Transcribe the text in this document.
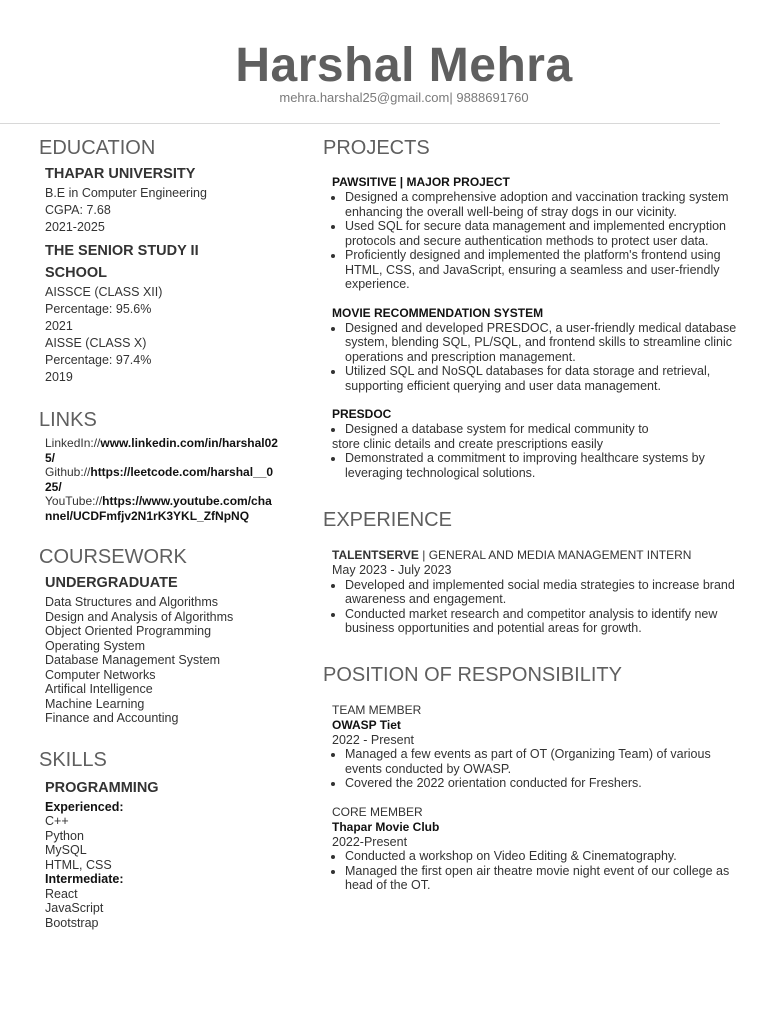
Harshal Mehra
mehra.harshal25@gmail.com| 9888691760
EDUCATION
THAPAR UNIVERSITY
B.E in Computer Engineering
CGPA: 7.68
2021-2025
THE SENIOR STUDY II
SCHOOL
AISSCE (CLASS XII)
Percentage: 95.6%
2021
AISSE (CLASS X)
Percentage: 97.4%
2019
LINKS
LinkedIn://www.linkedin.com/in/harshal025/
Github://https://leetcode.com/harshal__025/
YouTube://https://www.youtube.com/channel/UCDFmfjv2N1rK3YKL_ZfNpNQ
COURSEWORK
UNDERGRADUATE
Data Structures and Algorithms
Design and Analysis of Algorithms
Object Oriented Programming
Operating System
Database Management System
Computer Networks
Artifical Intelligence
Machine Learning
Finance and Accounting
SKILLS
PROGRAMMING
Experienced:
C++
Python
MySQL
HTML, CSS
Intermediate:
React
JavaScript
Bootstrap
PROJECTS
PAWSITIVE | MAJOR PROJECT
• Designed a comprehensive adoption and vaccination tracking system enhancing the overall well-being of stray dogs in our vicinity.
• Used SQL for secure data management and implemented encryption protocols and secure authentication methods to protect user data.
• Proficiently designed and implemented the platform's frontend using HTML, CSS, and JavaScript, ensuring a seamless and user-friendly experience.
MOVIE RECOMMENDATION SYSTEM
• Designed and developed PRESDOC, a user-friendly medical database system, blending SQL, PL/SQL, and frontend skills to streamline clinic operations and prescription management.
• Utilized SQL and NoSQL databases for data storage and retrieval, supporting efficient querying and user data management.
PRESDOC
• Designed a database system for medical community to
store clinic details and create prescriptions easily
• Demonstrated a commitment to improving healthcare systems by leveraging technological solutions.
EXPERIENCE
TALENTSERVE | GENERAL AND MEDIA MANAGEMENT INTERN
May 2023 - July 2023
• Developed and implemented social media strategies to increase brand awareness and engagement.
• Conducted market research and competitor analysis to identify new business opportunities and potential areas for growth.
POSITION OF RESPONSIBILITY
TEAM MEMBER
OWASP Tiet
2022 - Present
• Managed a few events as part of OT (Organizing Team) of various events conducted by OWASP.
• Covered the 2022 orientation conducted for Freshers.
CORE MEMBER
Thapar Movie Club
2022-Present
• Conducted a workshop on Video Editing & Cinematography.
• Managed the first open air theatre movie night event of our college as head of the OT.
